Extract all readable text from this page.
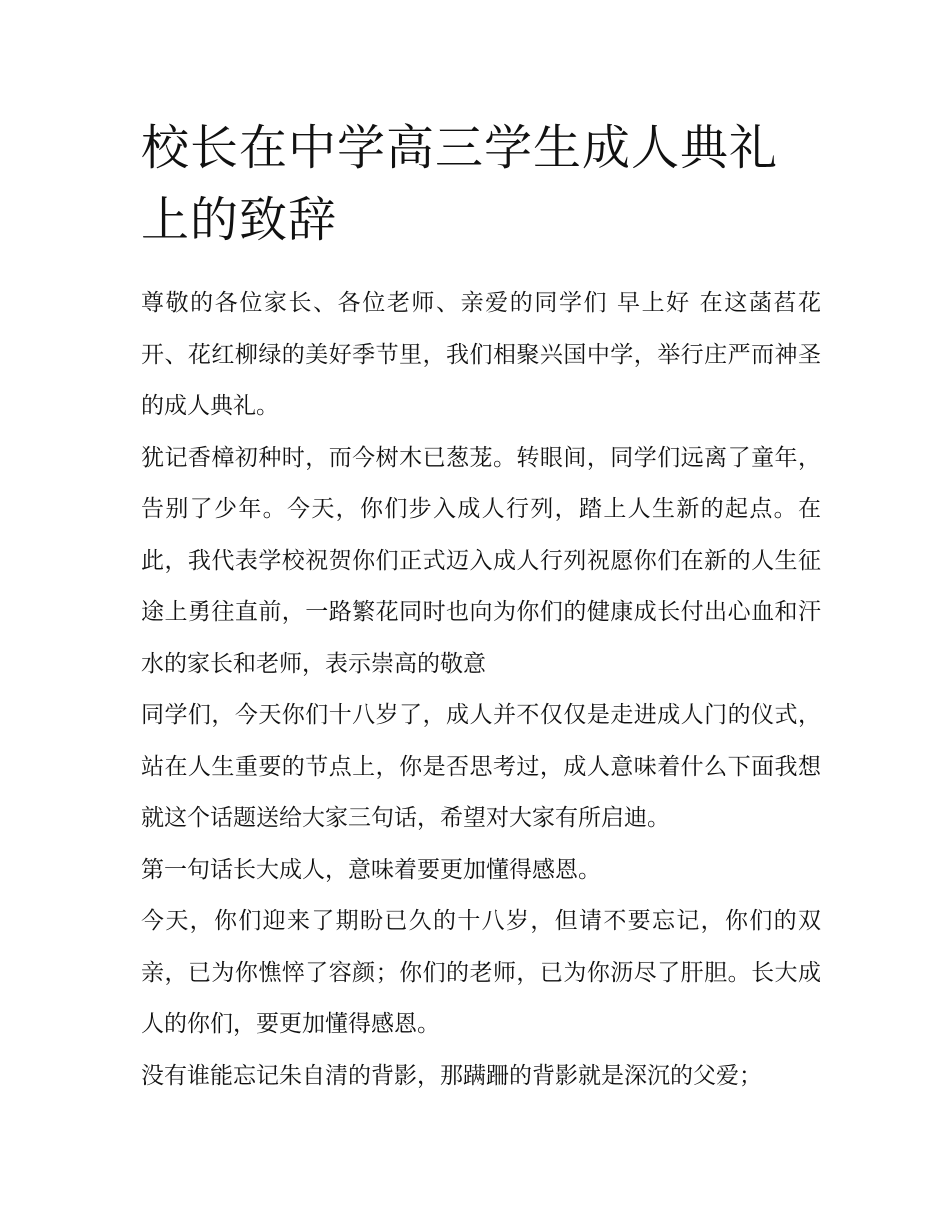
校长在中学高三学生成人典礼上的致辞

尊敬的各位家长、各位老师、亲爱的同学们 早上好 在这菡萏花开、花红柳绿的美好季节里，我们相聚兴国中学，举行庄严而神圣的成人典礼。

犹记香樟初种时，而今树木已葱茏。转眼间，同学们远离了童年，告别了少年。今天，你们步入成人行列，踏上人生新的起点。在此，我代表学校祝贺你们正式迈入成人行列祝愿你们在新的人生征途上勇往直前，一路繁花同时也向为你们的健康成长付出心血和汗水的家长和老师，表示崇高的敬意

同学们，今天你们十八岁了，成人并不仅仅是走进成人门的仪式，站在人生重要的节点上，你是否思考过，成人意味着什么下面我想就这个话题送给大家三句话，希望对大家有所启迪。

第一句话长大成人，意味着要更加懂得感恩。

今天，你们迎来了期盼已久的十八岁，但请不要忘记，你们的双亲，已为你憔悴了容颜；你们的老师，已为你沥尽了肝胆。长大成人的你们，要更加懂得感恩。

没有谁能忘记朱自清的背影，那蹒跚的背影就是深沉的父爱；
